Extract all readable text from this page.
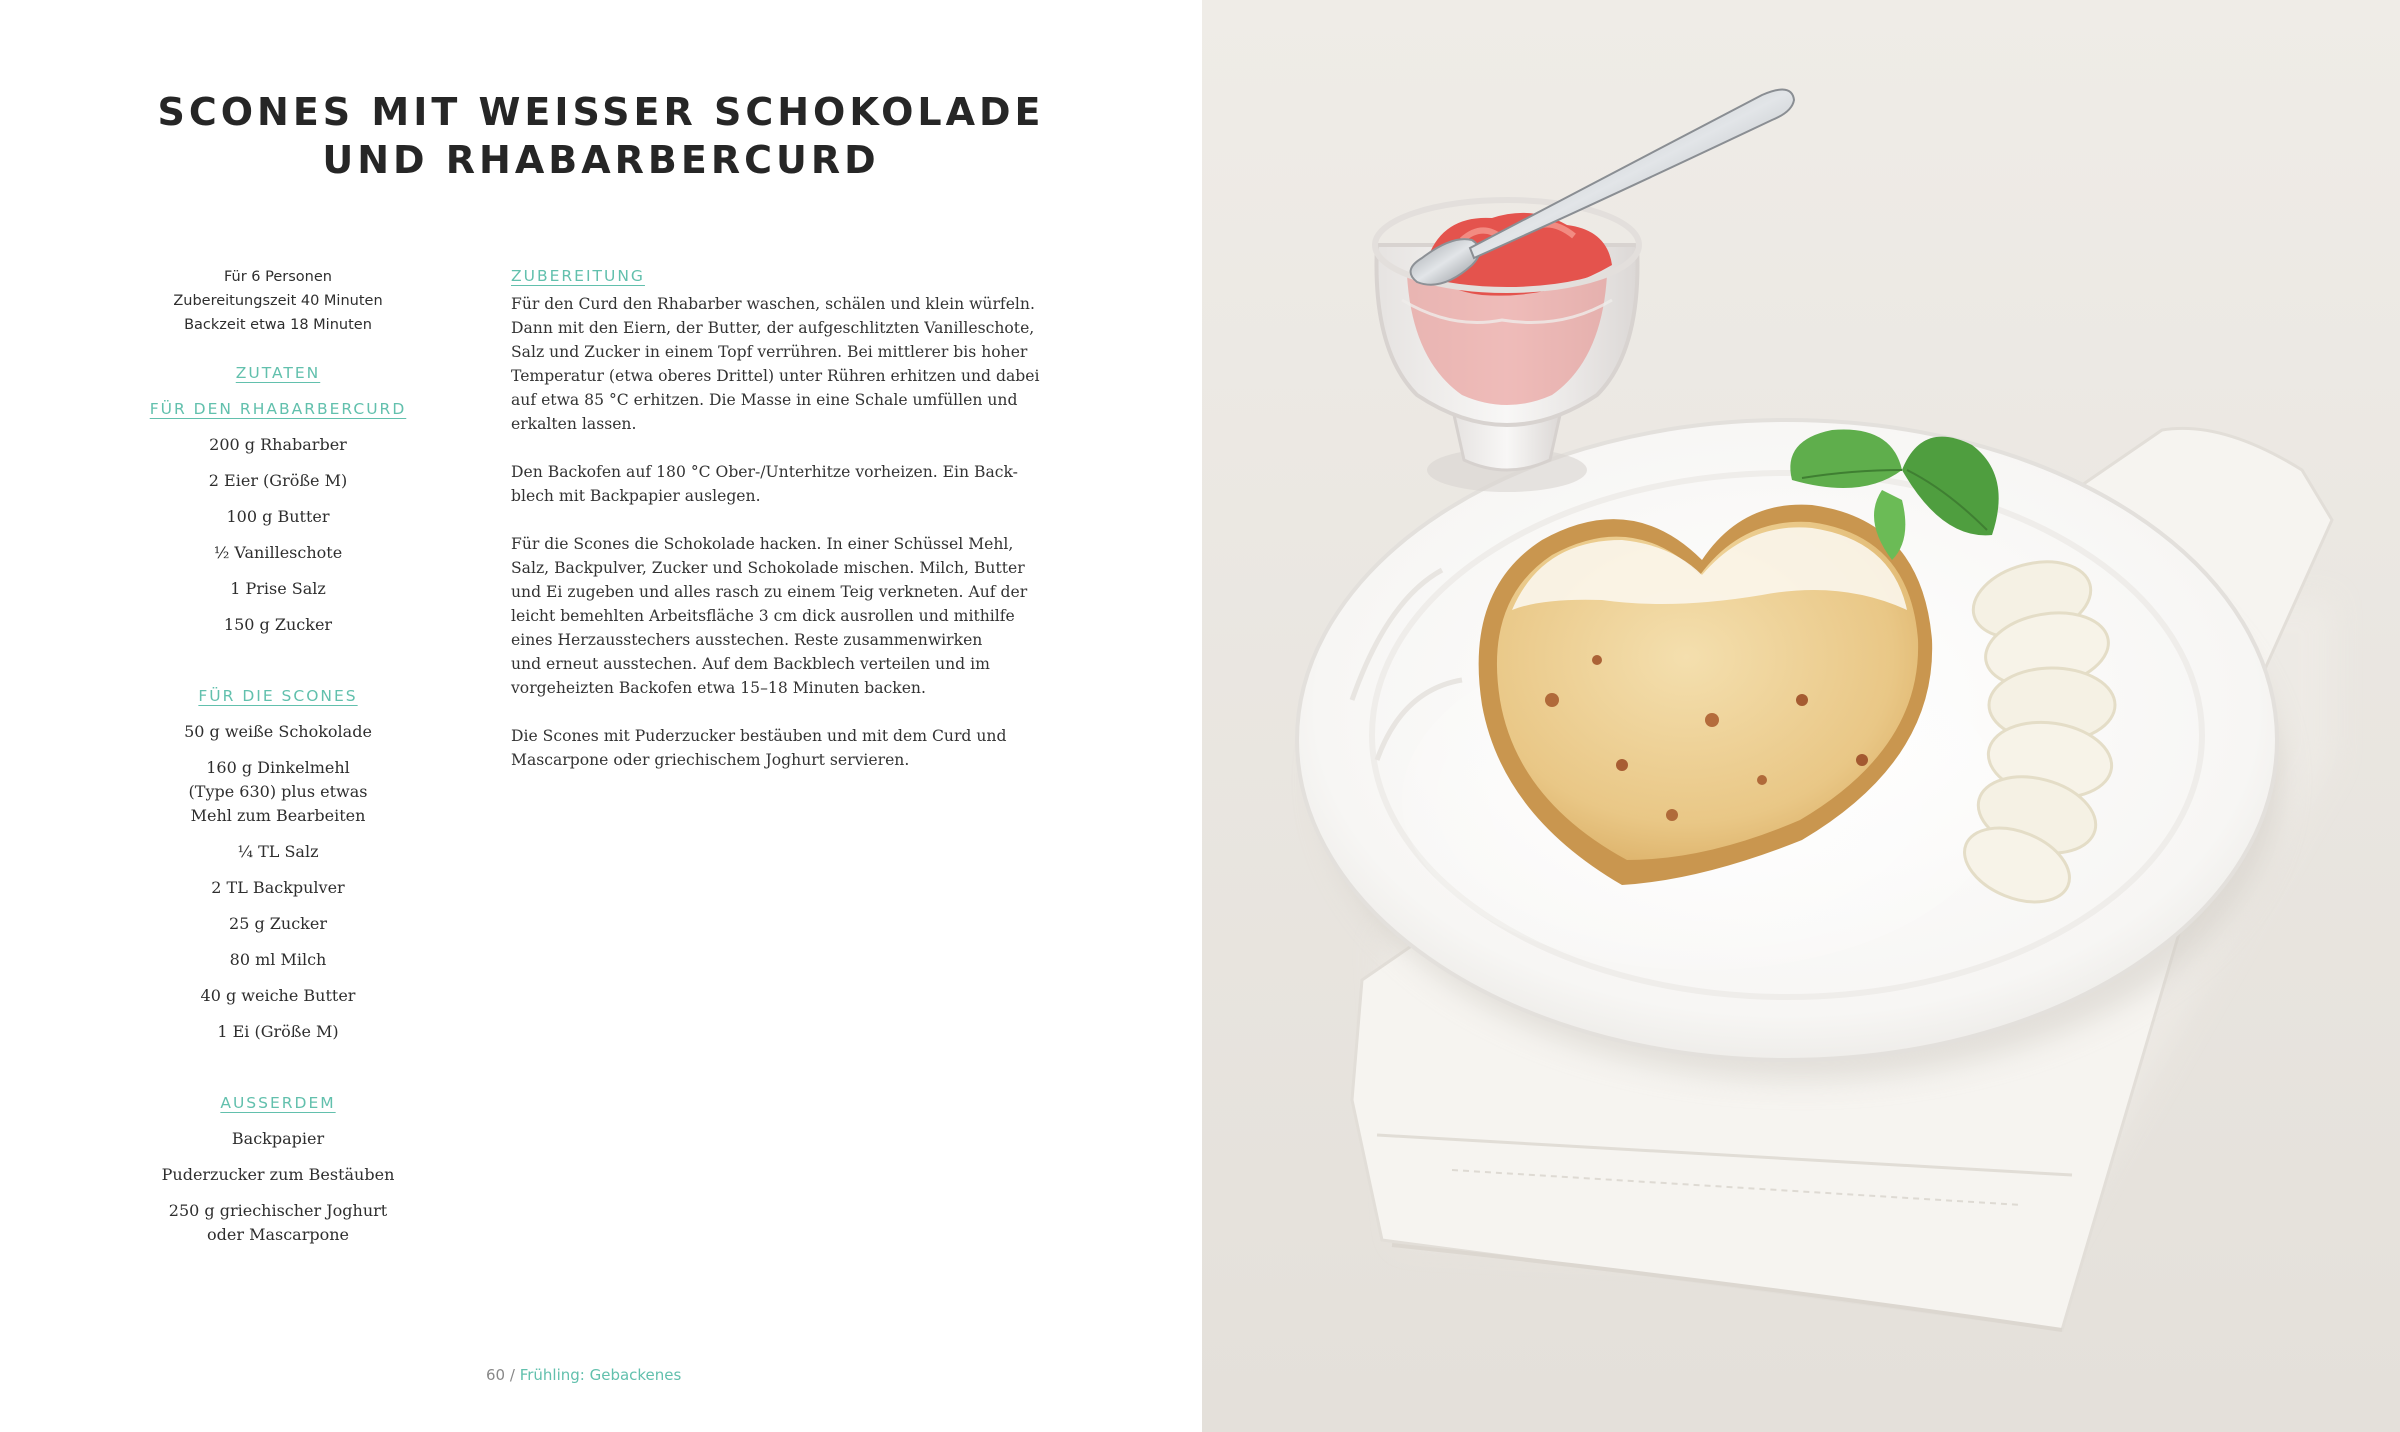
SCONES MIT WEISSER SCHOKOLADE
UND RHABARBERCURD
Für 6 Personen
Zubereitungszeit 40 Minuten
Backzeit etwa 18 Minuten
ZUTATEN
FÜR DEN RHABARBERCURD
200 g Rhabarber
2 Eier (Größe M)
100 g Butter
½ Vanilleschote
1 Prise Salz
150 g Zucker
FÜR DIE SCONES
50 g weiße Schokolade
160 g Dinkelmehl
(Type 630) plus etwas
Mehl zum Bearbeiten
¼ TL Salz
2 TL Backpulver
25 g Zucker
80 ml Milch
40 g weiche Butter
1 Ei (Größe M)
AUSSERDEM
Backpapier
Puderzucker zum Bestäuben
250 g griechischer Joghurt
oder Mascarpone
ZUBEREITUNG

Für den Curd den Rhabarber waschen, schälen und klein würfeln.
Dann mit den Eiern, der Butter, der aufgeschlitzten Vanilleschote,
Salz und Zucker in einem Topf verrühren. Bei mittlerer bis hoher
Temperatur (etwa oberes Drittel) unter Rühren erhitzen und dabei
auf etwa 85 °C erhitzen. Die Masse in eine Schale umfüllen und
erkalten lassen.

Den Backofen auf 180 °C Ober-/Unterhitze vorheizen. Ein Back-
blech mit Backpapier auslegen.

Für die Scones die Schokolade hacken. In einer Schüssel Mehl,
Salz, Backpulver, Zucker und Schokolade mischen. Milch, Butter
und Ei zugeben und alles rasch zu einem Teig verkneten. Auf der
leicht bemehlten Arbeitsfläche 3 cm dick ausrollen und mithilfe
eines Herzausstechers ausstechen. Reste zusammenwirken
und erneut ausstechen. Auf dem Backblech verteilen und im
vorgeheizten Backofen etwa 15–18 Minuten backen.

Die Scones mit Puderzucker bestäuben und mit dem Curd und
Mascarpone oder griechischem Joghurt servieren.

60 / Frühling: Gebackenes
